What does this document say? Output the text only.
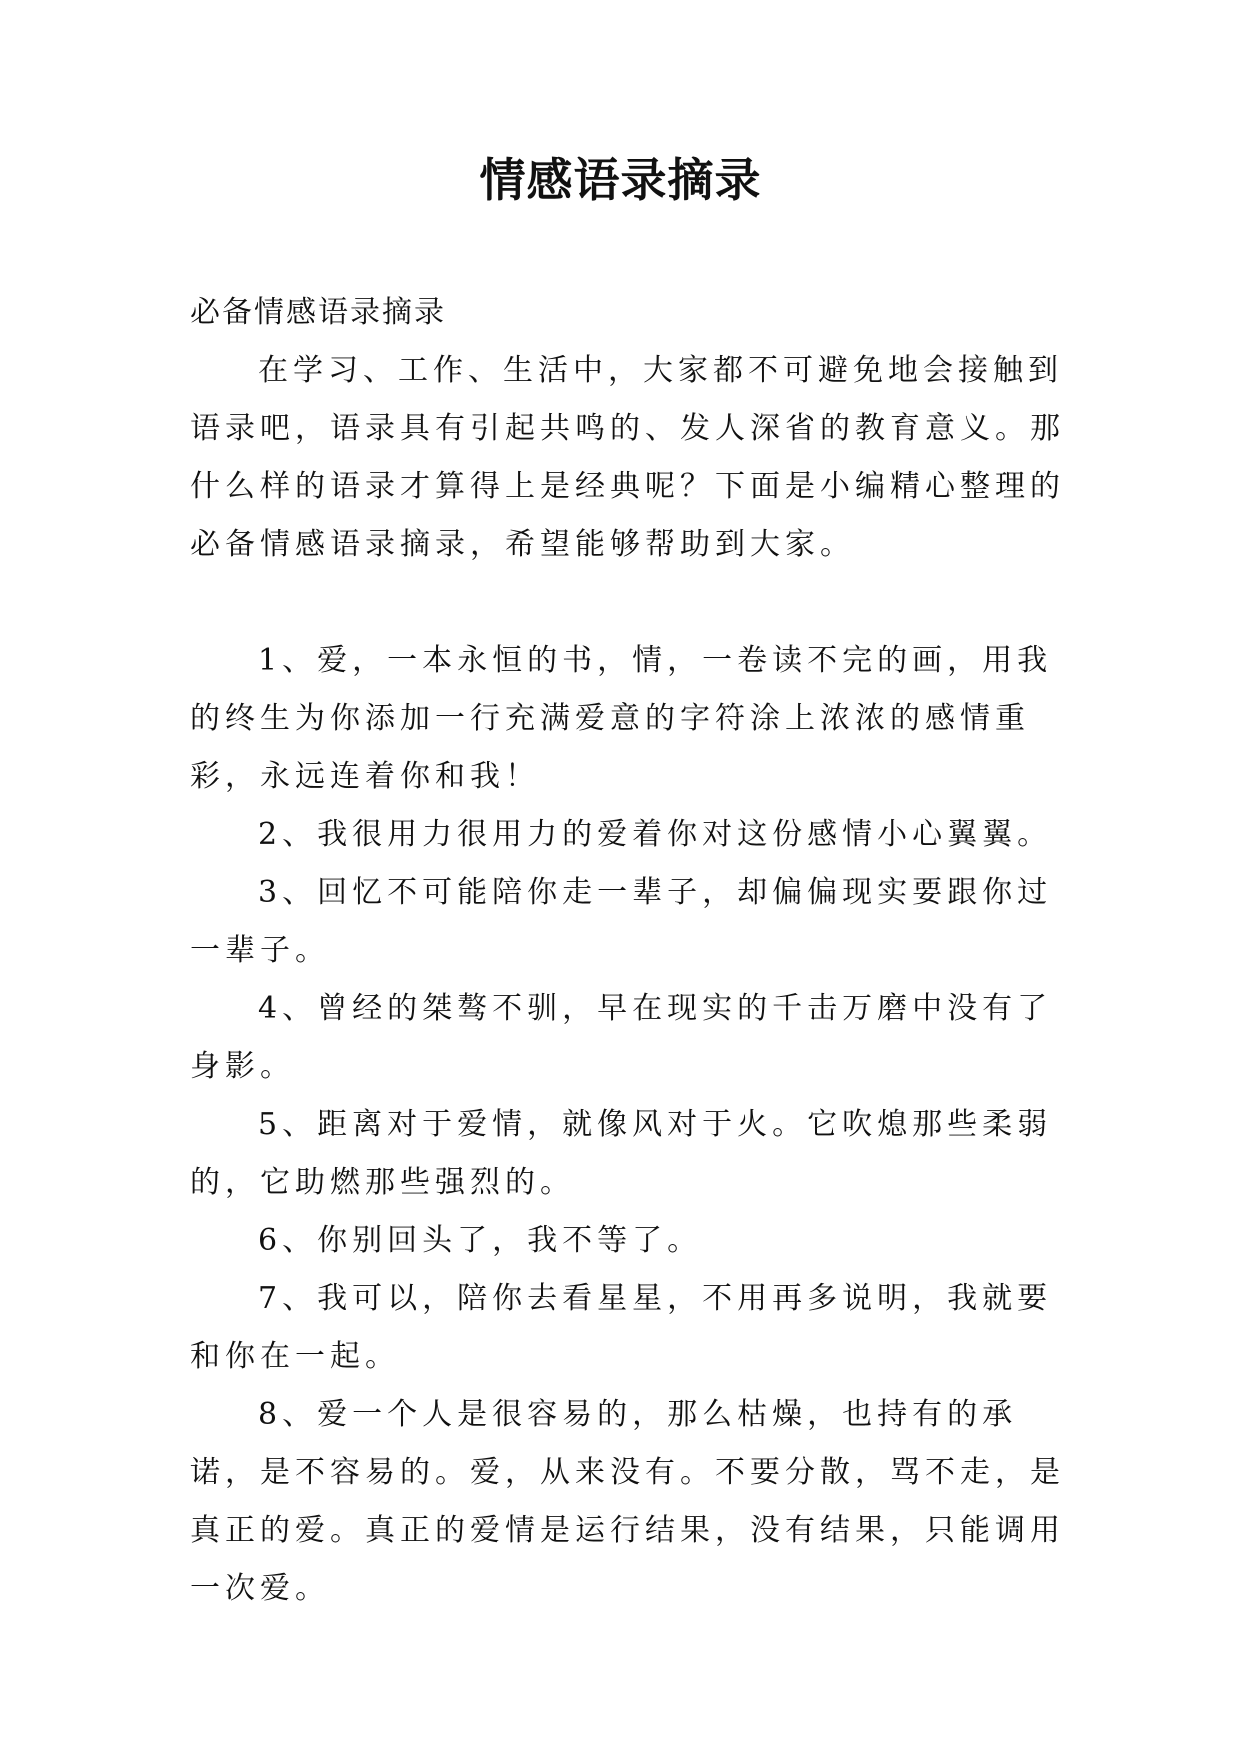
情感语录摘录

必备情感语录摘录

在学习、工作、生活中，大家都不可避免地会接触到语录吧，语录具有引起共鸣的、发人深省的教育意义。那什么样的语录才算得上是经典呢？下面是小编精心整理的必备情感语录摘录，希望能够帮助到大家。

1、爱，一本永恒的书，情，一卷读不完的画，用我的终生为你添加一行充满爱意的字符涂上浓浓的感情重彩，永远连着你和我！

2、我很用力很用力的爱着你对这份感情小心翼翼。

3、回忆不可能陪你走一辈子，却偏偏现实要跟你过一辈子。

4、曾经的桀骜不驯，早在现实的千击万磨中没有了身影。

5、距离对于爱情，就像风对于火。它吹熄那些柔弱的，它助燃那些强烈的。

6、你别回头了，我不等了。

7、我可以，陪你去看星星，不用再多说明，我就要和你在一起。

8、爱一个人是很容易的，那么枯燥，也持有的承诺，是不容易的。爱，从来没有。不要分散，骂不走，是真正的爱。真正的爱情是运行结果，没有结果，只能调用一次爱。
